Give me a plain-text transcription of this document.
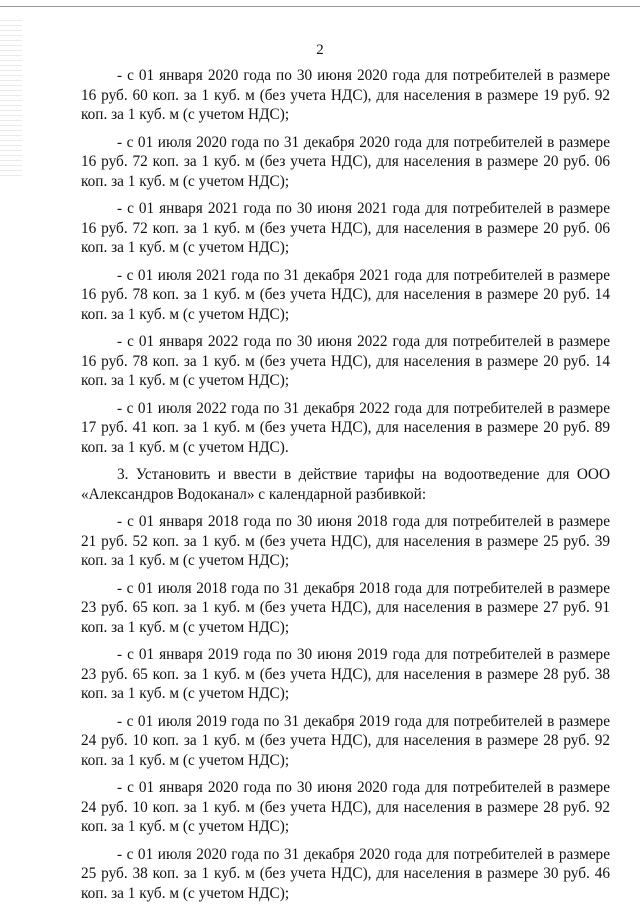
2

- с 01 января 2020 года по 30 июня 2020 года для потребителей в размере 16 руб. 60 коп. за 1 куб. м (без учета НДС), для населения в размере 19 руб. 92 коп. за 1 куб. м (с учетом НДС);

- с 01 июля 2020 года по 31 декабря 2020 года для потребителей в размере 16 руб. 72 коп. за 1 куб. м (без учета НДС), для населения в размере 20 руб. 06 коп. за 1 куб. м (с учетом НДС);

- с 01 января 2021 года по 30 июня 2021 года для потребителей в размере 16 руб. 72 коп. за 1 куб. м (без учета НДС), для населения в размере 20 руб. 06 коп. за 1 куб. м (с учетом НДС);

- с 01 июля 2021 года по 31 декабря 2021 года для потребителей в размере 16 руб. 78 коп. за 1 куб. м (без учета НДС), для населения в размере 20 руб. 14 коп. за 1 куб. м (с учетом НДС);

- с 01 января 2022 года по 30 июня 2022 года для потребителей в размере 16 руб. 78 коп. за 1 куб. м (без учета НДС), для населения в размере 20 руб. 14 коп. за 1 куб. м (с учетом НДС);

- с 01 июля 2022 года по 31 декабря 2022 года для потребителей в размере 17 руб. 41 коп. за 1 куб. м (без учета НДС), для населения в размере 20 руб. 89 коп. за 1 куб. м (с учетом НДС).

3. Установить и ввести в действие тарифы на водоотведение для ООО «Александров Водоканал» с календарной разбивкой:

- с 01 января 2018 года по 30 июня 2018 года для потребителей в размере 21 руб. 52 коп. за 1 куб. м (без учета НДС), для населения в размере 25 руб. 39 коп. за 1 куб. м (с учетом НДС);

- с 01 июля 2018 года по 31 декабря 2018 года для потребителей в размере 23 руб. 65 коп. за 1 куб. м (без учета НДС), для населения в размере 27 руб. 91 коп. за 1 куб. м (с учетом НДС);

- с 01 января 2019 года по 30 июня 2019 года для потребителей в размере 23 руб. 65 коп. за 1 куб. м (без учета НДС), для населения в размере 28 руб. 38 коп. за 1 куб. м (с учетом НДС);

- с 01 июля 2019 года по 31 декабря 2019 года для потребителей в размере 24 руб. 10 коп. за 1 куб. м (без учета НДС), для населения в размере 28 руб. 92 коп. за 1 куб. м (с учетом НДС);

- с 01 января 2020 года по 30 июня 2020 года для потребителей в размере 24 руб. 10 коп. за 1 куб. м (без учета НДС), для населения в размере 28 руб. 92 коп. за 1 куб. м (с учетом НДС);

- с 01 июля 2020 года по 31 декабря 2020 года для потребителей в размере 25 руб. 38 коп. за 1 куб. м (без учета НДС), для населения в размере 30 руб. 46 коп. за 1 куб. м (с учетом НДС);
